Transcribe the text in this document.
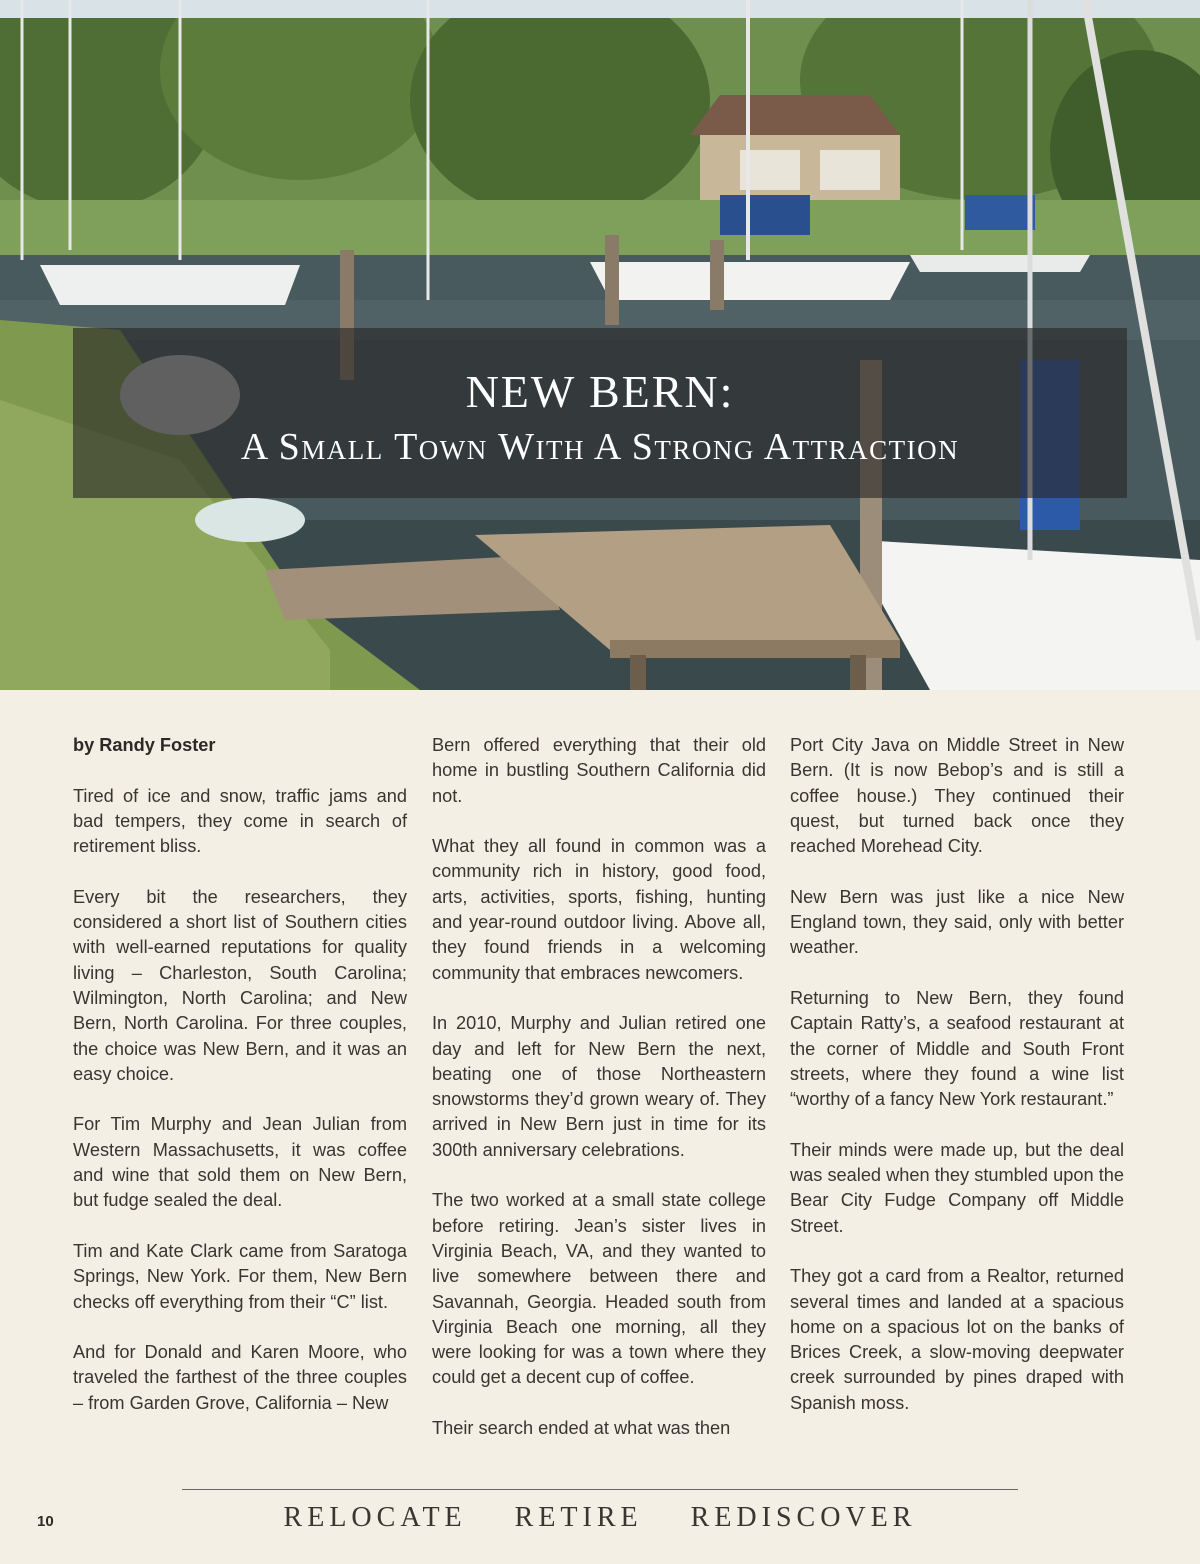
NEW BERN:
A Small Town With A Strong Attraction

by Randy Foster

Tired of ice and snow, traffic jams and bad tempers, they come in search of retirement bliss.

Every bit the researchers, they considered a short list of Southern cities with well-earned reputations for quality living – Charleston, South Carolina; Wilmington, North Carolina; and New Bern, North Carolina. For three couples, the choice was New Bern, and it was an easy choice.

For Tim Murphy and Jean Julian from Western Massachusetts, it was coffee and wine that sold them on New Bern, but fudge sealed the deal.

Tim and Kate Clark came from Saratoga Springs, New York. For them, New Bern checks off everything from their “C” list.

And for Donald and Karen Moore, who traveled the farthest of the three couples – from Garden Grove, California – New

Bern offered everything that their old home in bustling Southern California did not.

What they all found in common was a community rich in history, good food, arts, activities, sports, fishing, hunting and year-round outdoor living. Above all, they found friends in a welcoming community that embraces newcomers.

In 2010, Murphy and Julian retired one day and left for New Bern the next, beating one of those Northeastern snowstorms they’d grown weary of. They arrived in New Bern just in time for its 300th anniversary celebrations.

The two worked at a small state college before retiring. Jean’s sister lives in Virginia Beach, VA, and they wanted to live somewhere between there and Savannah, Georgia. Headed south from Virginia Beach one morning, all they were looking for was a town where they could get a decent cup of coffee.

Their search ended at what was then

Port City Java on Middle Street in New Bern. (It is now Bebop’s and is still a coffee house.) They continued their quest, but turned back once they reached Morehead City.

New Bern was just like a nice New England town, they said, only with better weather.

Returning to New Bern, they found Captain Ratty’s, a seafood restaurant at the corner of Middle and South Front streets, where they found a wine list “worthy of a fancy New York restaurant.”

Their minds were made up, but the deal was sealed when they stumbled upon the Bear City Fudge Company off Middle Street.

They got a card from a Realtor, returned several times and landed at a spacious home on a spacious lot on the banks of Brices Creek, a slow-moving deepwater creek surrounded by pines draped with Spanish moss.

RELOCATE RETIRE REDISCOVER
10
